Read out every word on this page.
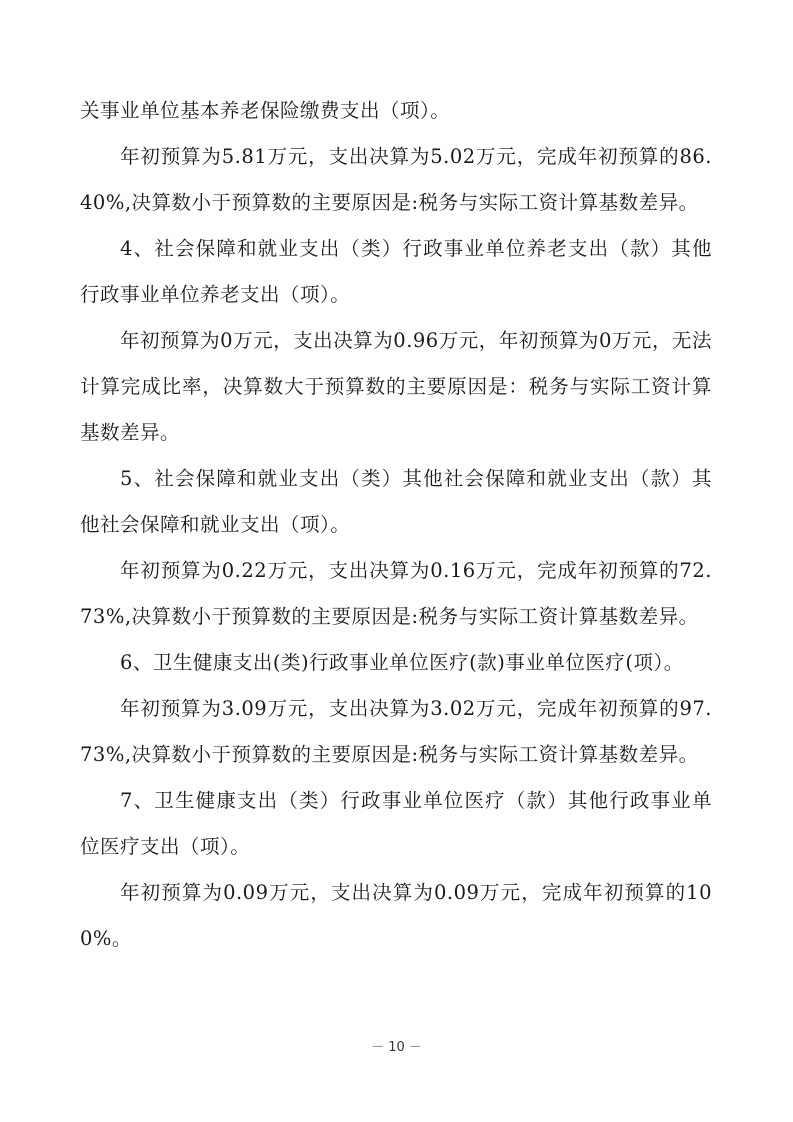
关事业单位基本养老保险缴费支出（项）。

年初预算为5.81万元，支出决算为5.02万元，完成年初预算的86.40%,决算数小于预算数的主要原因是:税务与实际工资计算基数差异。

4、社会保障和就业支出（类）行政事业单位养老支出（款）其他行政事业单位养老支出（项）。

年初预算为0万元，支出决算为0.96万元，年初预算为0万元，无法计算完成比率，决算数大于预算数的主要原因是：税务与实际工资计算基数差异。

5、社会保障和就业支出（类）其他社会保障和就业支出（款）其他社会保障和就业支出（项）。

年初预算为0.22万元，支出决算为0.16万元，完成年初预算的72.73%,决算数小于预算数的主要原因是:税务与实际工资计算基数差异。

6、卫生健康支出(类)行政事业单位医疗(款)事业单位医疗(项）。

年初预算为3.09万元，支出决算为3.02万元，完成年初预算的97.73%,决算数小于预算数的主要原因是:税务与实际工资计算基数差异。

7、卫生健康支出（类）行政事业单位医疗（款）其他行政事业单位医疗支出（项）。

年初预算为0.09万元，支出决算为0.09万元，完成年初预算的100%。

－ 10 －
